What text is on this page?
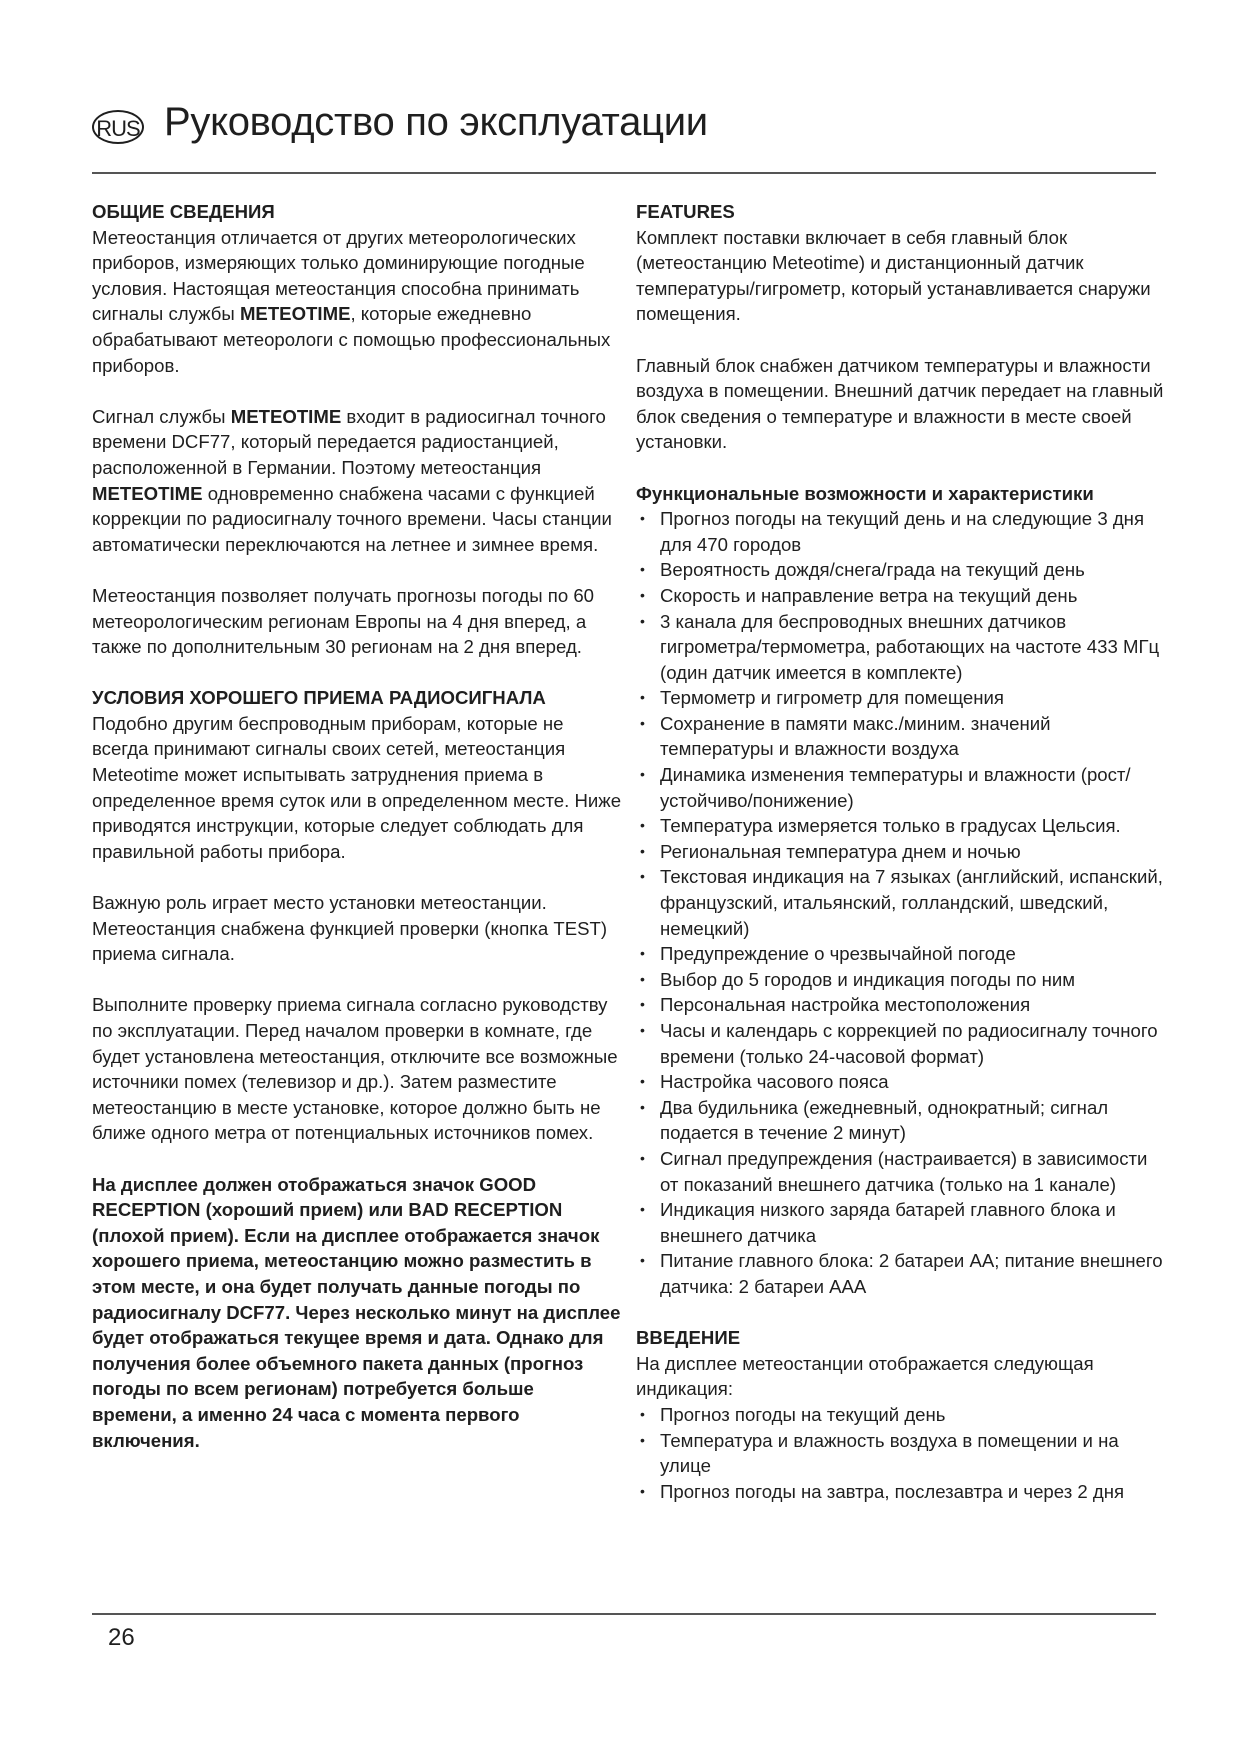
RUS Руководство по эксплуатации
ОБЩИЕ СВЕДЕНИЯ

Метеостанция отличается от других метеорологических приборов, измеряющих только доминирующие погодные условия. Настоящая метеостанция способна принимать сигналы службы METEOTIME, которые ежедневно обрабатывают метеорологи с помощью профессиональных приборов.

Сигнал службы METEOTIME входит в радиосигнал точного времени DCF77, который передается радиостанцией, расположенной в Германии. Поэтому метеостанция METEOTIME одновременно снабжена часами с функцией коррекции по радиосигналу точного времени. Часы станции автоматически переключаются на летнее и зимнее время.

Метеостанция позволяет получать прогнозы погоды по 60 метеорологическим регионам Европы на 4 дня вперед, а также по дополнительным 30 регионам на 2 дня вперед.

УСЛОВИЯ ХОРОШЕГО ПРИЕМА РАДИОСИГНАЛА

Подобно другим беспроводным приборам, которые не всегда принимают сигналы своих сетей, метеостанция Meteotime может испытывать затруднения приема в определенное время суток или в определенном месте. Ниже приводятся инструкции, которые следует соблюдать для правильной работы прибора.

Важную роль играет место установки метеостанции. Метеостанция снабжена функцией проверки (кнопка TEST) приема сигнала.

Выполните проверку приема сигнала согласно руководству по эксплуатации. Перед началом проверки в комнате, где будет установлена метеостанция, отключите все возможные источники помех (телевизор и др.). Затем разместите метеостанцию в месте установке, которое должно быть не ближе одного метра от потенциальных источников помех.

На дисплее должен отображаться значок GOOD RECEPTION (хороший прием) или BAD RECEPTION (плохой прием). Если на дисплее отображается значок хорошего приема, метеостанцию можно разместить в этом месте, и она будет получать данные погоды по радиосигналу DCF77. Через несколько минут на дисплее будет отображаться текущее время и дата. Однако для получения более объемного пакета данных (прогноз погоды по всем регионам) потребуется больше времени, а именно 24 часа с момента первого включения.

FEATURES

Комплект поставки включает в себя главный блок (метеостанцию Meteotime) и дистанционный датчик температуры/гигрометр, который устанавливается снаружи помещения.

Главный блок снабжен датчиком температуры и влажности воздуха в помещении. Внешний датчик передает на главный блок сведения о температуре и влажности в месте своей установки.

Функциональные возможности и характеристики
• Прогноз погоды на текущий день и на следующие 3 дня для 470 городов
• Вероятность дождя/снега/града на текущий день
• Скорость и направление ветра на текущий день
• 3 канала для беспроводных внешних датчиков гигрометра/термометра, работающих на частоте 433 МГц (один датчик имеется в комплекте)
• Термометр и гигрометр для помещения
• Сохранение в памяти макс./миним. значений температуры и влажности воздуха
• Динамика изменения температуры и влажности (рост/устойчиво/понижение)
• Температура измеряется только в градусах Цельсия.
• Региональная температура днем и ночью
• Текстовая индикация на 7 языках (английский, испанский, французский, итальянский, голландский, шведский, немецкий)
• Предупреждение о чрезвычайной погоде
• Выбор до 5 городов и индикация погоды по ним
• Персональная настройка местоположения
• Часы и календарь с коррекцией по радиосигналу точного времени (только 24-часовой формат)
• Настройка часового пояса
• Два будильника (ежедневный, однократный; сигнал подается в течение 2 минут)
• Сигнал предупреждения (настраивается) в зависимости от показаний внешнего датчика (только на 1 канале)
• Индикация низкого заряда батарей главного блока и внешнего датчика
• Питание главного блока: 2 батареи АА; питание внешнего датчика: 2 батареи ААА
ВВЕДЕНИЕ

На дисплее метеостанции отображается следующая индикация:

• Прогноз погоды на текущий день
• Температура и влажность воздуха в помещении и на улице
• Прогноз погоды на завтра, послезавтра и через 2 дня
26
